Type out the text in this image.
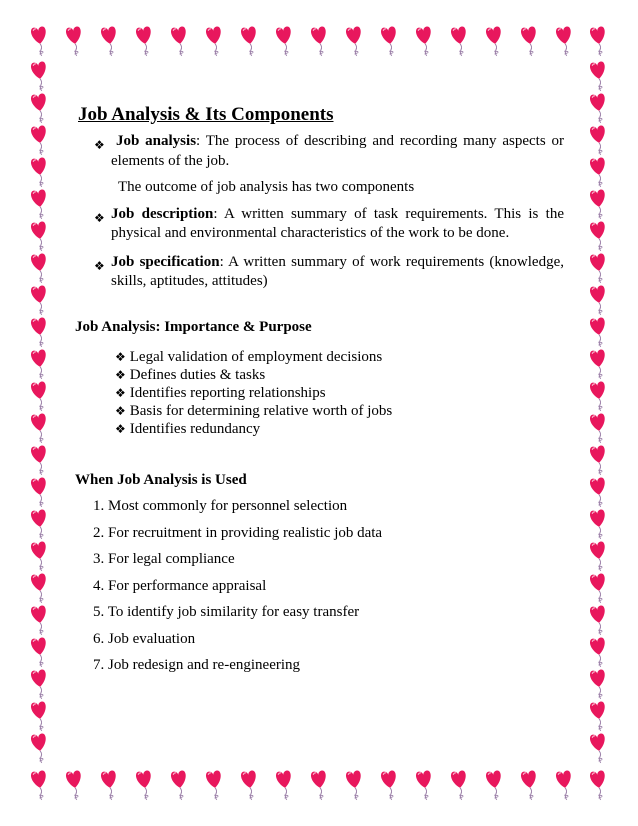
Job Analysis & Its Components
❖ Job analysis: The process of describing and recording many aspects or
elements of the job.
The outcome of job analysis has two components
❖ Job description: A written summary of task requirements. This is the
physical and environmental characteristics of the work to be done.
❖ Job specification: A written summary of work requirements (knowledge,
skills, aptitudes, attitudes)
Job Analysis: Importance & Purpose
❖ Legal validation of employment decisions
❖ Defines duties & tasks
❖ Identifies reporting relationships
❖ Basis for determining relative worth of jobs
❖ Identifies redundancy
When Job Analysis is Used
1. Most commonly for personnel selection
2. For recruitment in providing realistic job data
3. For legal compliance
4. For performance appraisal
5. To identify job similarity for easy transfer
6. Job evaluation
7. Job redesign and re-engineering
